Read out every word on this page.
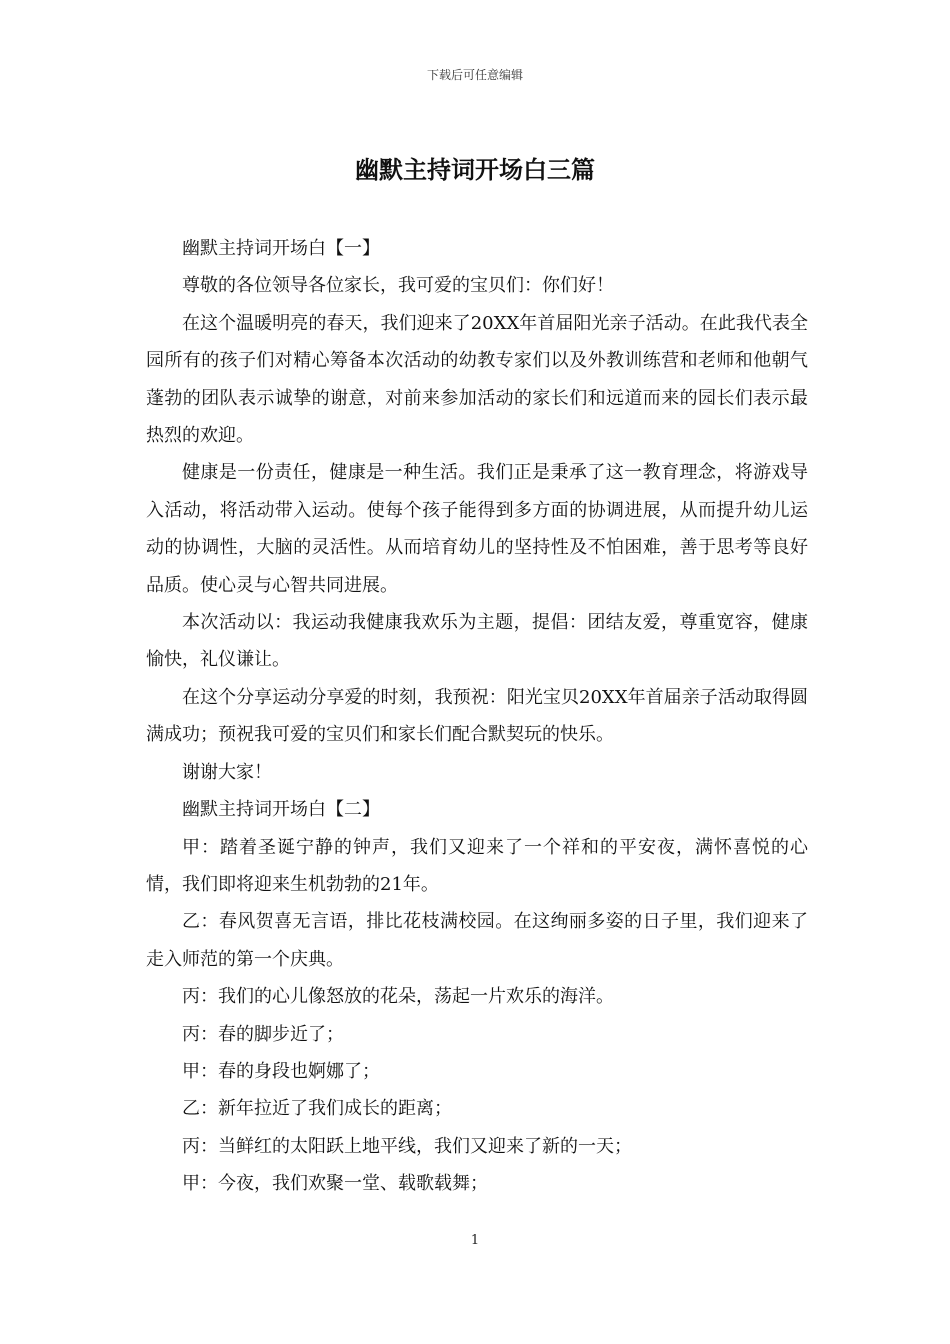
下载后可任意编辑
幽默主持词开场白三篇

幽默主持词开场白【一】

尊敬的各位领导各位家长，我可爱的宝贝们：你们好！

在这个温暖明亮的春天，我们迎来了20XX年首届阳光亲子活动。在此我代表全园所有的孩子们对精心筹备本次活动的幼教专家们以及外教训练营和老师和他朝气蓬勃的团队表示诚挚的谢意，对前来参加活动的家长们和远道而来的园长们表示最热烈的欢迎。

健康是一份责任，健康是一种生活。我们正是秉承了这一教育理念，将游戏导入活动，将活动带入运动。使每个孩子能得到多方面的协调进展，从而提升幼儿运动的协调性，大脑的灵活性。从而培育幼儿的坚持性及不怕困难，善于思考等良好品质。使心灵与心智共同进展。

本次活动以：我运动我健康我欢乐为主题，提倡：团结友爱，尊重宽容，健康愉快，礼仪谦让。

在这个分享运动分享爱的时刻，我预祝：阳光宝贝20XX年首届亲子活动取得圆满成功；预祝我可爱的宝贝们和家长们配合默契玩的快乐。

谢谢大家！

幽默主持词开场白【二】

甲：踏着圣诞宁静的钟声，我们又迎来了一个祥和的平安夜，满怀喜悦的心情，我们即将迎来生机勃勃的21年。

乙：春风贺喜无言语，排比花枝满校园。在这绚丽多姿的日子里，我们迎来了走入师范的第一个庆典。

丙：我们的心儿像怒放的花朵，荡起一片欢乐的海洋。

丙：春的脚步近了；

甲：春的身段也婀娜了；

乙：新年拉近了我们成长的距离；

丙：当鲜红的太阳跃上地平线，我们又迎来了新的一天；

甲：今夜，我们欢聚一堂、载歌载舞；

1
